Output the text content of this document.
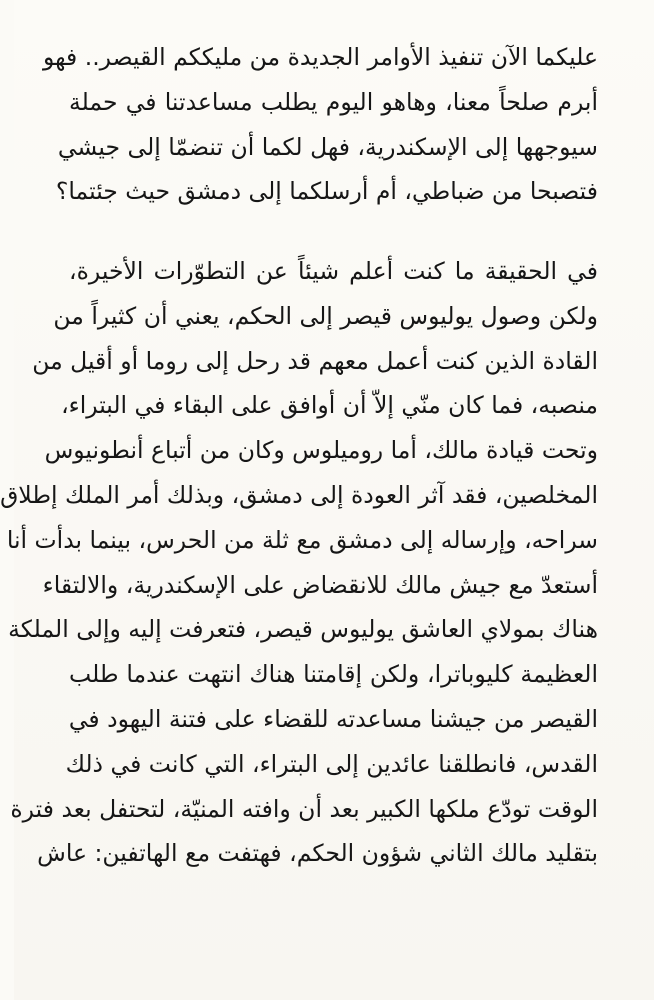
عليكما الآن تنفيذ الأوامر الجديدة من مليككم القيصر.. فهو
أبرم صلحاً معنا، وهاهو اليوم يطلب مساعدتنا في حملة
سيوجهها إلى الإسكندرية، فهل لكما أن تنضمّا إلى جيشي
فتصبحا من ضباطي، أم أرسلكما إلى دمشق حيث جئتما؟
في الحقيقة ما كنت أعلم شيئاً عن التطوّرات الأخيرة،
ولكن وصول يوليوس قيصر إلى الحكم، يعني أن كثيراً من
القادة الذين كنت أعمل معهم قد رحل إلى روما أو أقيل من
منصبه، فما كان منّي إلاّ أن أوافق على البقاء في البتراء،
وتحت قيادة مالك، أما روميلوس وكان من أتباع أنطونيوس
المخلصين، فقد آثر العودة إلى دمشق، وبذلك أمر الملك إطلاق
سراحه، وإرساله إلى دمشق مع ثلة من الحرس، بينما بدأت أنا
أستعدّ مع جيش مالك للانقضاض على الإسكندرية، والالتقاء
هناك بمولاي العاشق يوليوس قيصر، فتعرفت إليه وإلى الملكة
العظيمة كليوباترا، ولكن إقامتنا هناك انتهت عندما طلب
القيصر من جيشنا مساعدته للقضاء على فتنة اليهود في
القدس، فانطلقنا عائدين إلى البتراء، التي كانت في ذلك
الوقت تودّع ملكها الكبير بعد أن وافته المنيّة، لتحتفل بعد فترة
بتقليد مالك الثاني شؤون الحكم، فهتفت مع الهاتفين: عاش
